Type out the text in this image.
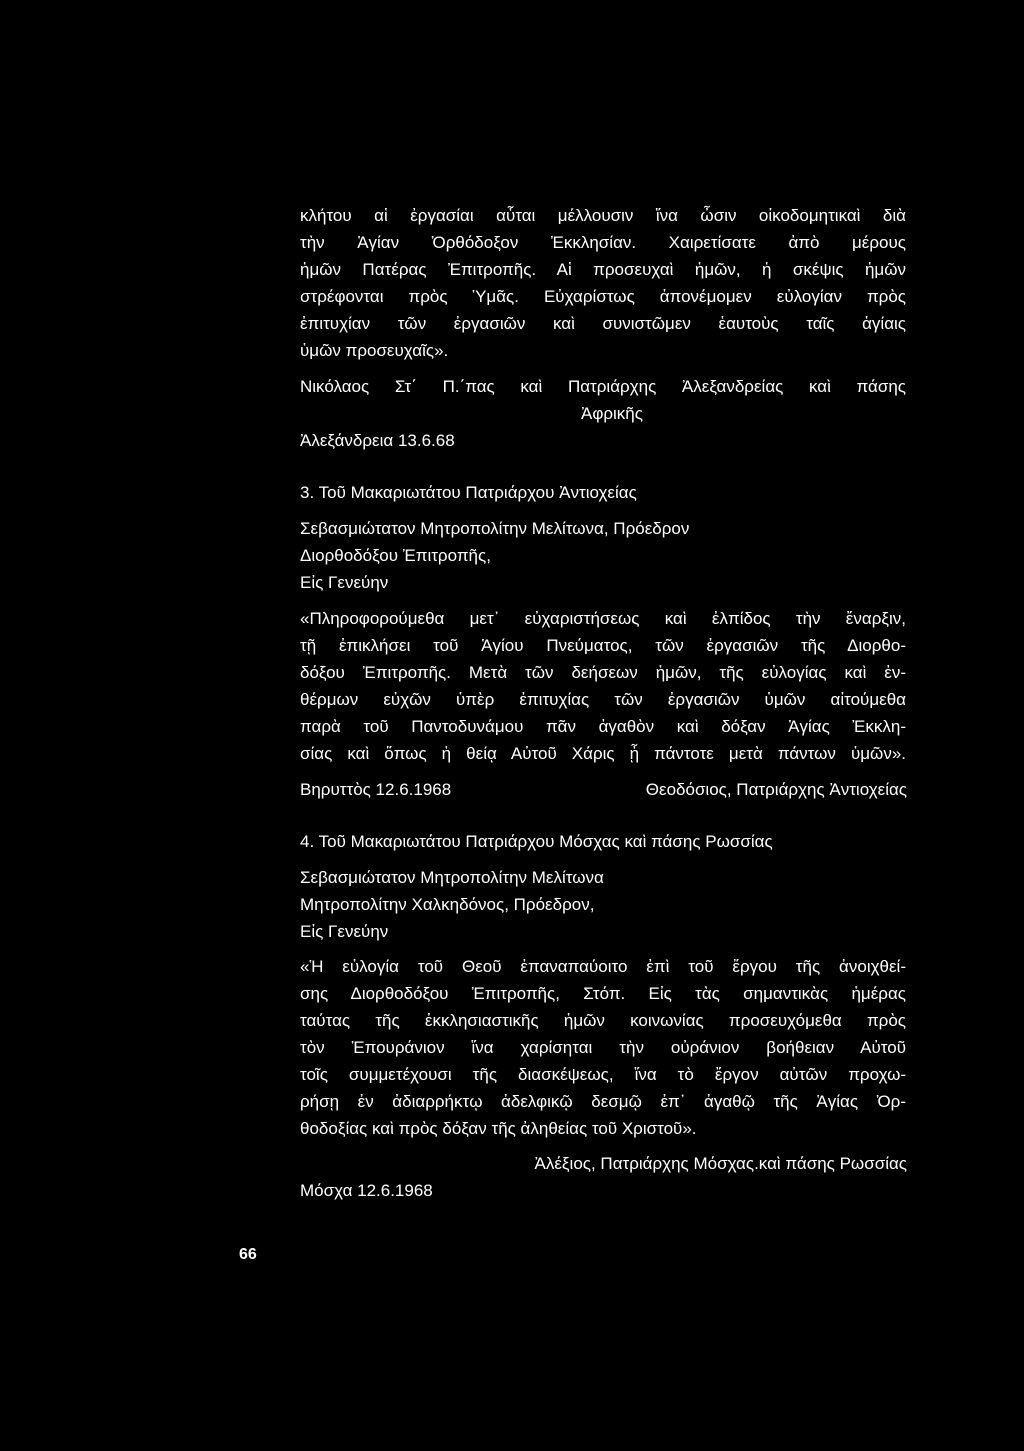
κλήτου αἱ ἐργασίαι αὗται μέλλουσιν ἵνα ὦσιν οἰκοδομητικαὶ διὰ
τὴν Ἁγίαν Ὀρθόδοξον Ἐκκλησίαν. Χαιρετίσατε ἀπὸ μέρους
ἡμῶν Πατέρας Ἐπιτροπῆς. Αἱ προσευχαὶ ἡμῶν, ἡ σκέψις ἡμῶν
στρέφονται πρὸς Ὑμᾶς. Εὐχαρίστως ἀπονέμομεν εὐλογίαν πρὸς
ἐπιτυχίαν τῶν ἐργασιῶν καὶ συνιστῶμεν ἑαυτοὺς ταῖς ἁγίαις
ὑμῶν προσευχαῖς».
Νικόλαος Στ΄ Π.΄πας καὶ Πατριάρχης Ἀλεξανδρείας καὶ πάσης
Ἀφρικῆς
Ἀλεξάνδρεια 13.6.68
3. Τοῦ Μακαριωτάτου Πατριάρχου Ἀντιοχείας
Σεβασμιώτατον Μητροπολίτην Μελίτωνα, Πρόεδρον
Διορθοδόξου Ἐπιτροπῆς,
Εἰς Γενεύην
«Πληροφορούμεθα μετ᾽ εὐχαριστήσεως καὶ ἐλπίδος τὴν ἔναρξιν,
τῇ ἐπικλήσει τοῦ Ἁγίου Πνεύματος, τῶν ἐργασιῶν τῆς Διορθο-
δόξου Ἐπιτροπῆς. Μετὰ τῶν δεήσεων ἡμῶν, τῆς εὐλογίας καὶ ἐν-
θέρμων εὐχῶν ὑπὲρ ἐπιτυχίας τῶν ἐργασιῶν ὑμῶν αἰτούμεθα
παρὰ τοῦ Παντοδυνάμου πᾶν ἀγαθὸν καὶ δόξαν Ἁγίας Ἐκκλη-
σίας καὶ ὅπως ἡ θείᾳ Αὐτοῦ Χάρις ᾖ πάντοτε μετὰ πάντων ὑμῶν».
Βηρυττὸς 12.6.1968	Θεοδόσιος, Πατριάρχης Ἀντιοχείας
4. Τοῦ Μακαριωτάτου Πατριάρχου Μόσχας καὶ πάσης Ρωσσίας
Σεβασμιώτατον Μητροπολίτην Μελίτωνα
Μητροπολίτην Χαλκηδόνος, Πρόεδρον,
Εἰς Γενεύην
«Ἡ εὐλογία τοῦ Θεοῦ ἐπαναπαύοιτο ἐπὶ τοῦ ἔργου τῆς ἀνοιχθεί-
σης Διορθοδόξου Ἐπιτροπῆς, Στόπ. Εἰς τὰς σημαντικὰς ἡμέρας
ταύτας τῆς ἐκκλησιαστικῆς ἡμῶν κοινωνίας προσευχόμεθα πρὸς
τὸν Ἐπουράνιον ἵνα χαρίσηται τὴν οὐράνιον βοήθειαν Αὐτοῦ
τοῖς συμμετέχουσι τῆς διασκέψεως, ἵνα τὸ ἔργον αὐτῶν προχω-
ρήσῃ ἐν ἀδιαρρήκτῳ ἀδελφικῷ δεσμῷ ἐπ᾽ ἀγαθῷ τῆς Ἁγίας Ὀρ-
θοδοξίας καὶ πρὸς δόξαν τῆς ἀληθείας τοῦ Χριστοῦ».
Ἀλέξιος, Πατριάρχης Μόσχας.καὶ πάσης Ρωσσίας
Μόσχα 12.6.1968
66
